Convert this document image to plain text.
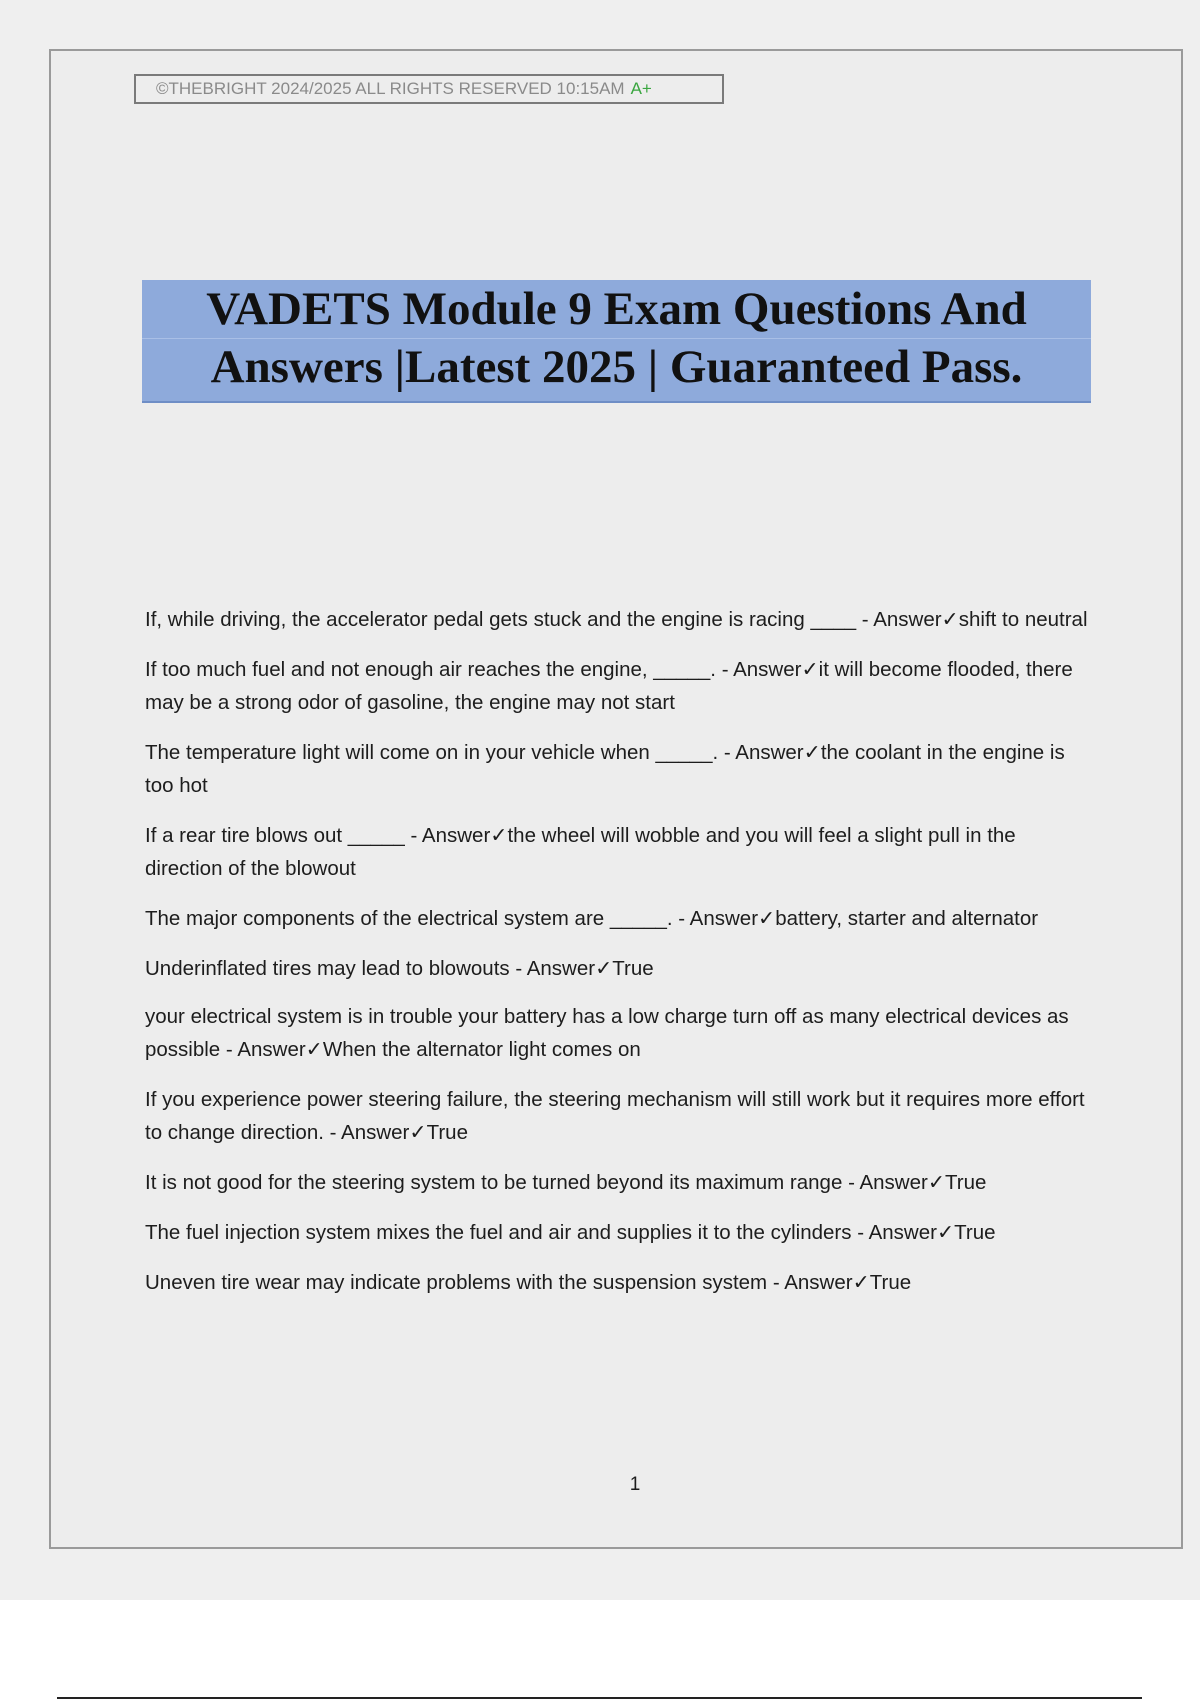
©THEBRIGHT 2024/2025 ALL RIGHTS RESERVED 10:15AM A+
VADETS Module 9 Exam Questions And
Answers |Latest 2025 | Guaranteed Pass.
If, while driving, the accelerator pedal gets stuck and the engine is racing ____ - Answer✓shift to neutral
If too much fuel and not enough air reaches the engine, _____. - Answer✓it will become flooded, there may be a strong odor of gasoline, the engine may not start
The temperature light will come on in your vehicle when _____. - Answer✓the coolant in the engine is too hot
If a rear tire blows out _____ - Answer✓the wheel will wobble and you will feel a slight pull in the direction of the blowout
The major components of the electrical system are _____. - Answer✓battery, starter and alternator
Underinflated tires may lead to blowouts - Answer✓True
your electrical system is in trouble your battery has a low charge turn off as many electrical devices as possible - Answer✓When the alternator light comes on
If you experience power steering failure, the steering mechanism will still work but it requires more effort to change direction. - Answer✓True
It is not good for the steering system to be turned beyond its maximum range - Answer✓True
The fuel injection system mixes the fuel and air and supplies it to the cylinders - Answer✓True
Uneven tire wear may indicate problems with the suspension system - Answer✓True
1
